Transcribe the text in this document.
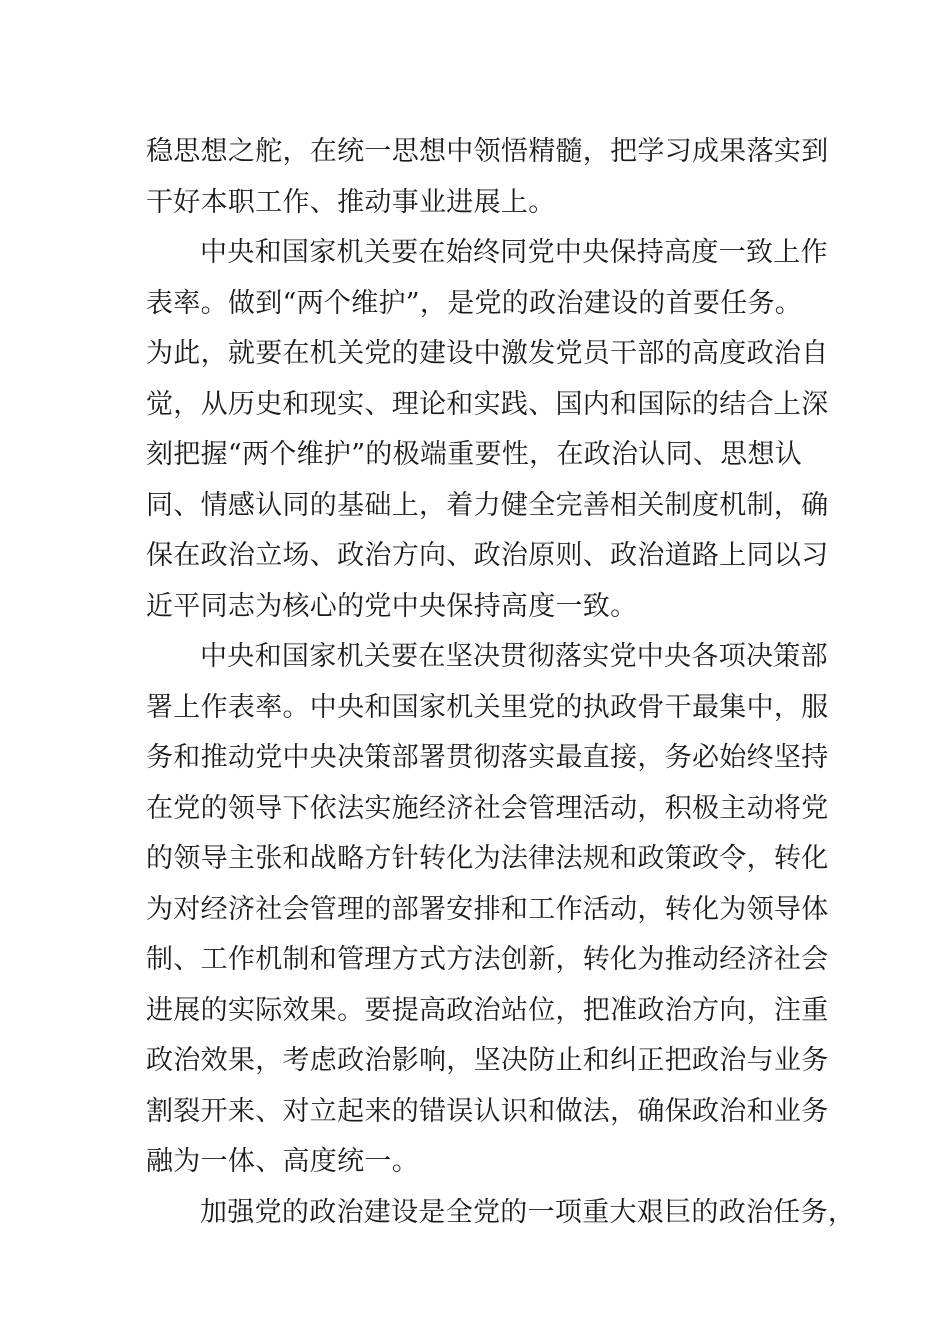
稳思想之舵，在统一思想中领悟精髓，把学习成果落实到
干好本职工作、推动事业进展上。
中央和国家机关要在始终同党中央保持高度一致上作
表率。做到“两个维护”，是党的政治建设的首要任务。
为此，就要在机关党的建设中激发党员干部的高度政治自
觉，从历史和现实、理论和实践、国内和国际的结合上深
刻把握“两个维护”的极端重要性，在政治认同、思想认
同、情感认同的基础上，着力健全完善相关制度机制，确
保在政治立场、政治方向、政治原则、政治道路上同以习
近平同志为核心的党中央保持高度一致。
中央和国家机关要在坚决贯彻落实党中央各项决策部
署上作表率。中央和国家机关里党的执政骨干最集中，服
务和推动党中央决策部署贯彻落实最直接，务必始终坚持
在党的领导下依法实施经济社会管理活动，积极主动将党
的领导主张和战略方针转化为法律法规和政策政令，转化
为对经济社会管理的部署安排和工作活动，转化为领导体
制、工作机制和管理方式方法创新，转化为推动经济社会
进展的实际效果。要提高政治站位，把准政治方向，注重
政治效果，考虑政治影响，坚决防止和纠正把政治与业务
割裂开来、对立起来的错误认识和做法，确保政治和业务
融为一体、高度统一。
加强党的政治建设是全党的一项重大艰巨的政治任务，
